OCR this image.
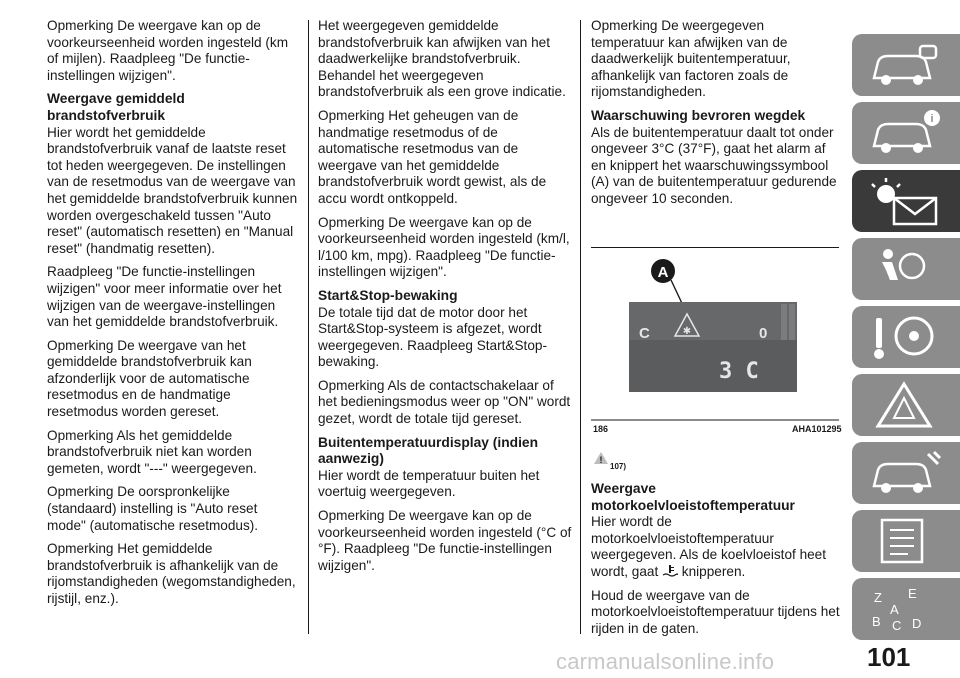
Opmerking De weergave kan op de voorkeurseenheid worden ingesteld (km of mijlen). Raadpleeg "De functie-instellingen wijzigen".

Weergave gemiddeld brandstofverbruik

Hier wordt het gemiddelde brandstofverbruik vanaf de laatste reset tot heden weergegeven. De instellingen van de resetmodus van de weergave van het gemiddelde brandstofverbruik kunnen worden overgeschakeld tussen "Auto reset" (automatisch resetten) en "Manual reset" (handmatig resetten).

Raadpleeg "De functie-instellingen wijzigen" voor meer informatie over het wijzigen van de weergave-instellingen van het gemiddelde brandstofverbruik.

Opmerking De weergave van het gemiddelde brandstofverbruik kan afzonderlijk voor de automatische resetmodus en de handmatige resetmodus worden gereset.

Opmerking Als het gemiddelde brandstofverbruik niet kan worden gemeten, wordt "---" weergegeven.

Opmerking De oorspronkelijke (standaard) instelling is "Auto reset mode" (automatische resetmodus).

Opmerking Het gemiddelde brandstofverbruik is afhankelijk van de rijomstandigheden (wegomstandigheden, rijstijl, enz.).

Het weergegeven gemiddelde brandstofverbruik kan afwijken van het daadwerkelijke brandstofverbruik. Behandel het weergegeven brandstofverbruik als een grove indicatie.

Opmerking Het geheugen van de handmatige resetmodus of de automatische resetmodus van de weergave van het gemiddelde brandstofverbruik wordt gewist, als de accu wordt ontkoppeld.

Opmerking De weergave kan op de voorkeurseenheid worden ingesteld (km/l, l/100 km, mpg). Raadpleeg "De functie-instellingen wijzigen".

Start&Stop-bewaking

De totale tijd dat de motor door het Start&Stop-systeem is afgezet, wordt weergegeven. Raadpleeg Start&Stop-bewaking.

Opmerking Als de contactschakelaar of het bedieningsmodus weer op "ON" wordt gezet, wordt de totale tijd gereset.

Buitentemperatuurdisplay (indien aanwezig)

Hier wordt de temperatuur buiten het voertuig weergegeven.

Opmerking De weergave kan op de voorkeurseenheid worden ingesteld (°C of °F). Raadpleeg "De functie-instellingen wijzigen".

Opmerking De weergegeven temperatuur kan afwijken van de daadwerkelijk buitentemperatuur, afhankelijk van factoren zoals de rijomstandigheden.

Waarschuwing bevroren wegdek

Als de buitentemperatuur daalt tot onder ongeveer 3°C (37°F), gaat het alarm af en knippert het waarschuwingssymbool (A) van de buitentemperatuur gedurende ongeveer 10 seconden.

A
C	0
✱
3 C
186	AHA101295
!
107)
Weergave motorkoelvloeistoftemperatuur

Hier wordt de motorkoelvloeistoftemperatuur weergegeven. Als de koelvloeistof heet wordt, gaat  knipperen.

Houd de weergave van de motorkoelvloeistoftemperatuur tijdens het rijden in de gaten.

i
Z E
A
B C D
carmanualsonline.info	101
